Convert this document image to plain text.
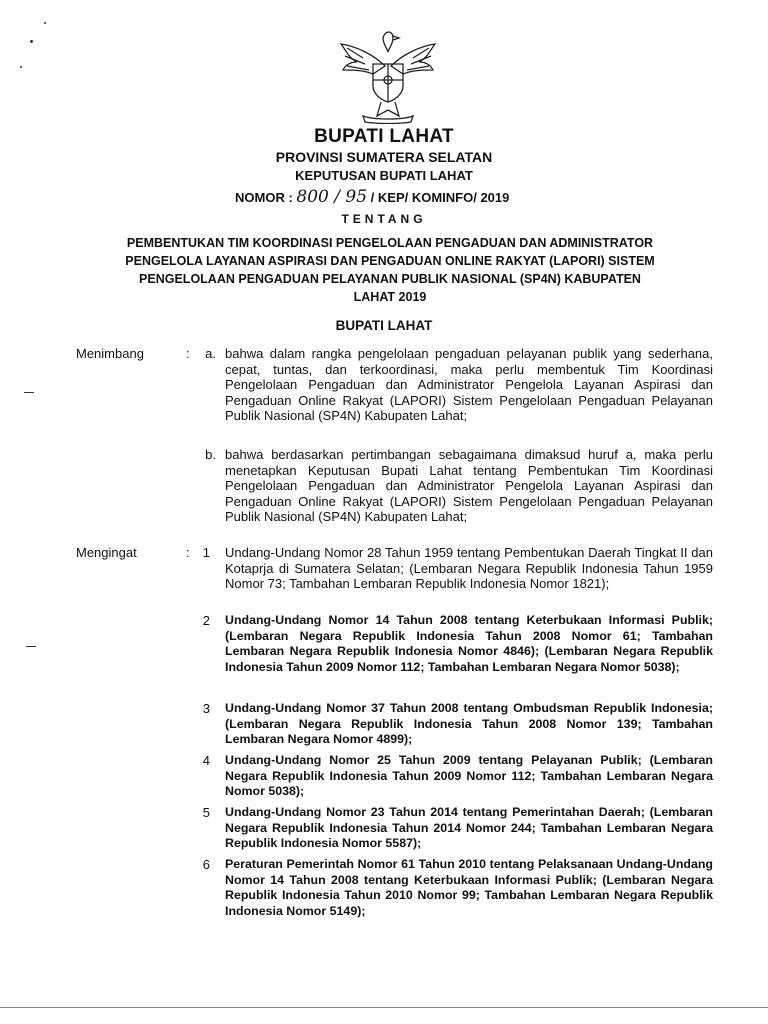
BUPATI LAHAT
PROVINSI SUMATERA SELATAN
KEPUTUSAN BUPATI LAHAT
NOMOR : 800 / 95 / KEP/ KOMINFO/ 2019
TENTANG
PEMBENTUKAN TIM KOORDINASI PENGELOLAAN PENGADUAN DAN ADMINISTRATOR PENGELOLA LAYANAN ASPIRASI DAN PENGADUAN ONLINE RAKYAT (LAPORI) SISTEM PENGELOLAAN PENGADUAN PELAYANAN PUBLIK NASIONAL (SP4N) KABUPATEN LAHAT 2019
BUPATI LAHAT
Menimbang	:	a. bahwa dalam rangka pengelolaan pengaduan pelayanan publik yang sederhana, cepat, tuntas, dan terkoordinasi, maka perlu membentuk Tim Koordinasi Pengelolaan Pengaduan dan Administrator Pengelola Layanan Aspirasi dan Pengaduan Online Rakyat (LAPORI) Sistem Pengelolaan Pengaduan Pelayanan Publik Nasional (SP4N) Kabupaten Lahat;
b. bahwa berdasarkan pertimbangan sebagaimana dimaksud huruf a, maka perlu menetapkan Keputusan Bupati Lahat tentang Pembentukan Tim Koordinasi Pengelolaan Pengaduan dan Administrator Pengelola Layanan Aspirasi dan Pengaduan Online Rakyat (LAPORI) Sistem Pengelolaan Pengaduan Pelayanan Publik Nasional (SP4N) Kabupaten Lahat;
Mengingat	:	1 Undang-Undang Nomor 28 Tahun 1959 tentang Pembentukan Daerah Tingkat II dan Kotaprja di Sumatera Selatan; (Lembaran Negara Republik Indonesia Tahun 1959 Nomor 73; Tambahan Lembaran Republik Indonesia Nomor 1821);
2 Undang-Undang Nomor 14 Tahun 2008 tentang Keterbukaan Informasi Publik; (Lembaran Negara Republik Indonesia Tahun 2008 Nomor 61; Tambahan Lembaran Negara Republik Indonesia Nomor 4846); (Lembaran Negara Republik Indonesia Tahun 2009 Nomor 112; Tambahan Lembaran Negara Nomor 5038);
3 Undang-Undang Nomor 37 Tahun 2008 tentang Ombudsman Republik Indonesia; (Lembaran Negara Republik Indonesia Tahun 2008 Nomor 139; Tambahan Lembaran Negara Nomor 4899);
4 Undang-Undang Nomor 25 Tahun 2009 tentang Pelayanan Publik; (Lembaran Negara Republik Indonesia Tahun 2009 Nomor 112; Tambahan Lembaran Negara Nomor 5038);
5 Undang-Undang Nomor 23 Tahun 2014 tentang Pemerintahan Daerah; (Lembaran Negara Republik Indonesia Tahun 2014 Nomor 244; Tambahan Lembaran Negara Republik Indonesia Nomor 5587);
6 Peraturan Pemerintah Nomor 61 Tahun 2010 tentang Pelaksanaan Undang-Undang Nomor 14 Tahun 2008 tentang Keterbukaan Informasi Publik; (Lembaran Negara Republik Indonesia Tahun 2010 Nomor 99; Tambahan Lembaran Negara Republik Indonesia Nomor 5149);
